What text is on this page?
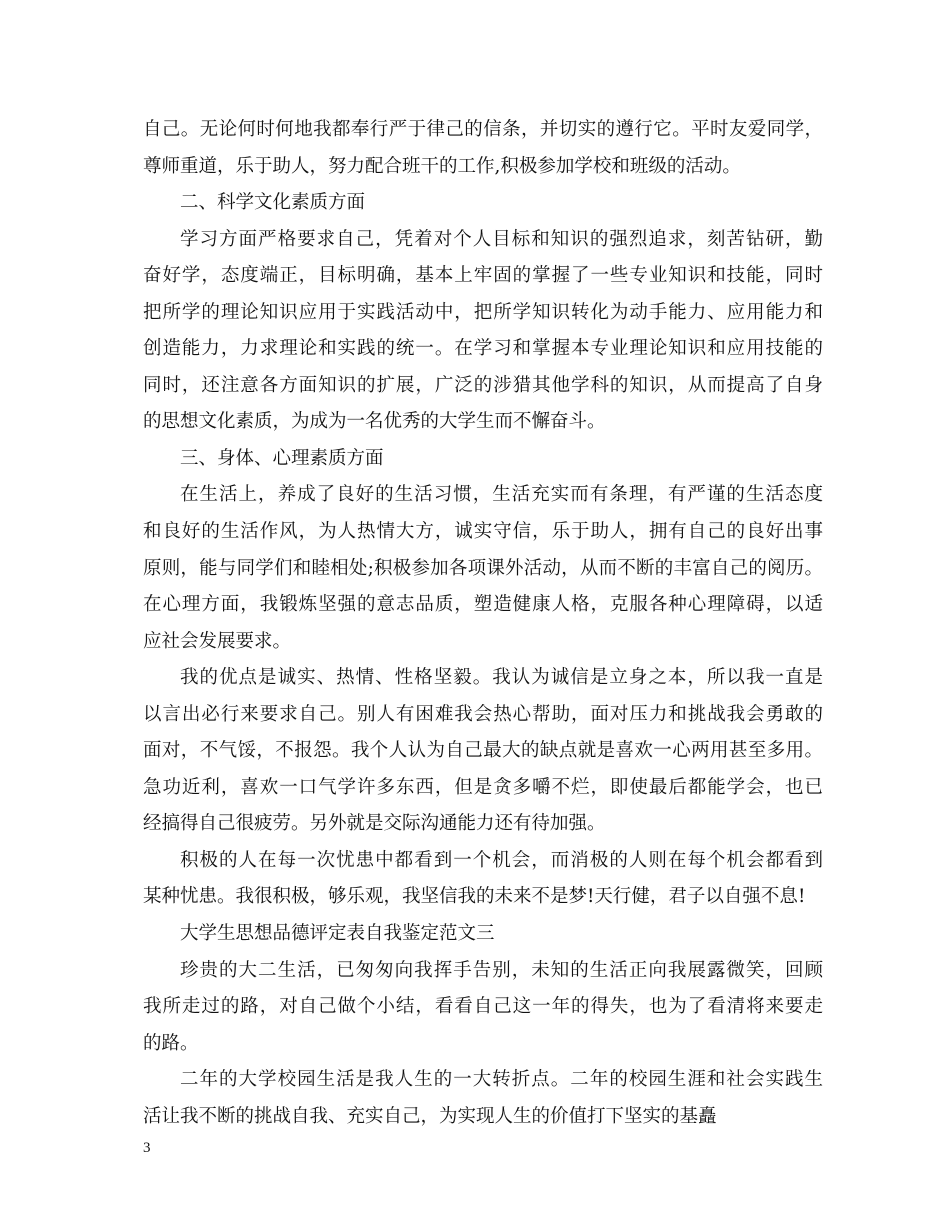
自己。无论何时何地我都奉行严于律己的信条，并切实的遵行它。平时友爱同学，
尊师重道，乐于助人，努力配合班干的工作,积极参加学校和班级的活动。
二、科学文化素质方面
学习方面严格要求自己，凭着对个人目标和知识的强烈追求，刻苦钻研，勤
奋好学，态度端正，目标明确，基本上牢固的掌握了一些专业知识和技能，同时
把所学的理论知识应用于实践活动中，把所学知识转化为动手能力、应用能力和
创造能力，力求理论和实践的统一。在学习和掌握本专业理论知识和应用技能的
同时，还注意各方面知识的扩展，广泛的涉猎其他学科的知识，从而提高了自身
的思想文化素质，为成为一名优秀的大学生而不懈奋斗。
三、身体、心理素质方面
在生活上，养成了良好的生活习惯，生活充实而有条理，有严谨的生活态度
和良好的生活作风，为人热情大方，诚实守信，乐于助人，拥有自己的良好出事
原则，能与同学们和睦相处;积极参加各项课外活动，从而不断的丰富自己的阅历。
在心理方面，我锻炼坚强的意志品质，塑造健康人格，克服各种心理障碍，以适
应社会发展要求。
我的优点是诚实、热情、性格坚毅。我认为诚信是立身之本，所以我一直是
以言出必行来要求自己。别人有困难我会热心帮助，面对压力和挑战我会勇敢的
面对，不气馁，不报怨。我个人认为自己最大的缺点就是喜欢一心两用甚至多用。
急功近利，喜欢一口气学许多东西，但是贪多嚼不烂，即使最后都能学会，也已
经搞得自己很疲劳。另外就是交际沟通能力还有待加强。
积极的人在每一次忧患中都看到一个机会，而消极的人则在每个机会都看到
某种忧患。我很积极，够乐观，我坚信我的未来不是梦!天行健，君子以自强不息!
大学生思想品德评定表自我鉴定范文三
珍贵的大二生活，已匆匆向我挥手告别，未知的生活正向我展露微笑，回顾
我所走过的路，对自己做个小结，看看自己这一年的得失，也为了看清将来要走
的路。
二年的大学校园生活是我人生的一大转折点。二年的校园生涯和社会实践生
活让我不断的挑战自我、充实自己，为实现人生的价值打下坚实的基矗
3
